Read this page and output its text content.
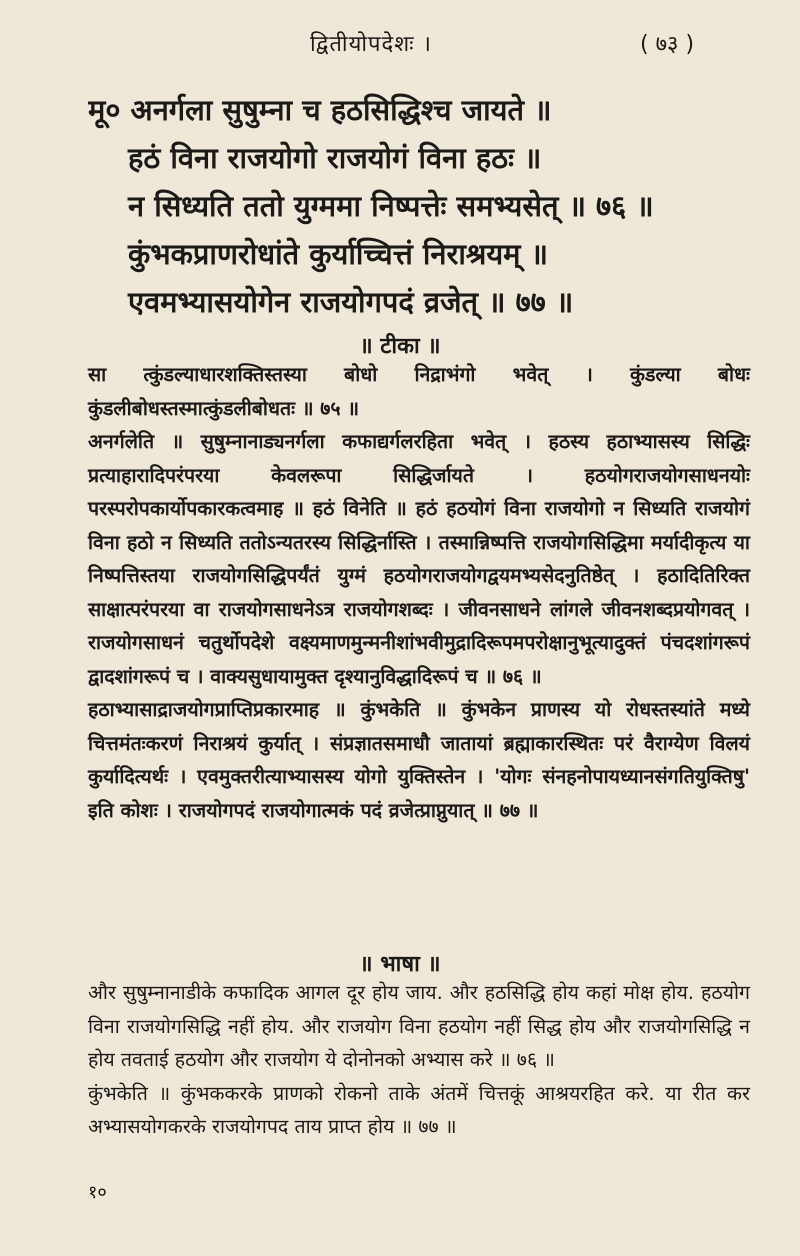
द्वितीयोपदेशः ।	( ७३ )
मू० अनर्गला सुषुम्ना च हठसिद्धिश्च जायते ॥
हठं विना राजयोगो राजयोगं विना हठः ॥
न सिध्यति ततो युग्ममा निष्पत्तेः समभ्यसेत् ॥ ७६ ॥
कुंभकप्राणरोधांते कुर्याच्चित्तं निराश्रयम् ॥
एवमभ्यासयोगेन राजयोगपदं व्रजेत् ॥ ७७ ॥
॥ टीका ॥

सा त्कुंडल्याधारशक्तिस्तस्या बोधो निद्राभंगो भवेत् । कुंडल्या बोधः कुंडलीबोधस्तस्मात्कुंडलीबोधतः ॥ ७५ ॥

अनर्गलेति ॥ सुषुम्नानाड्यनर्गला कफाद्यर्गलरहिता भवेत् । हठस्य हठाभ्यासस्य सिद्धिः प्रत्याहारादिपरंपरया केवलरूपा सिद्धिर्जायते । हठयोगराजयोगसाधनयोः परस्परोपकार्योपकारकत्वमाह ॥ हठं विनेति ॥ हठं हठयोगं विना राजयोगो न सिध्यति राजयोगं विना हठो न सिध्यति ततोऽन्यतरस्य सिद्धिर्नास्ति । तस्मान्निष्पत्ति राजयोगसिद्धिमा मर्यादीकृत्य या निष्पत्तिस्तया राजयोगसिद्धिपर्यंतं युग्मं हठयोगराजयोगद्वयमभ्यसेदनुतिष्ठेत् । हठादितिरिक्त साक्षात्परंपरया वा राजयोगसाधनेऽत्र राजयोगशब्दः । जीवनसाधने लांगले जीवनशब्दप्रयोगवत् । राजयोगसाधनं चतुर्थोपदेशे वक्ष्यमाणमुन्मनीशांभवीमुद्रादिरूपमपरोक्षानुभूत्यादुक्तं पंचदशांगरूपं द्वादशांगरूपं च । वाक्यसुधायामुक्त दृश्यानुविद्धादिरूपं च ॥ ७६ ॥

हठाभ्यासाद्राजयोगप्राप्तिप्रकारमाह ॥ कुंभकेति ॥ कुंभकेन प्राणस्य यो रोधस्तस्यांते मध्ये चित्तमंतःकरणं निराश्रयं कुर्यात् । संप्रज्ञातसमाधौ जातायां ब्रह्माकारस्थितः परं वैराग्येण विलयं कुर्यादित्यर्थः । एवमुक्तरीत्याभ्यासस्य योगो युक्तिस्तेन । 'योगः संनहनोपायध्यानसंगतियुक्तिषु' इति कोशः । राजयोगपदं राजयोगात्मकं पदं व्रजेत्प्राप्नुयात् ॥ ७७ ॥

॥ भाषा ॥

और सुषुम्नानाडीके कफादिक आगल दूर होय जाय. और हठसिद्धि होय कहां मोक्ष होय. हठयोग विना राजयोगसिद्धि नहीं होय. और राजयोग विना हठयोग नहीं सिद्ध होय और राजयोगसिद्धि न होय तवताई हठयोग और राजयोग ये दोनोनको अभ्यास करे ॥ ७६ ॥

कुंभकेति ॥ कुंभककरके प्राणको रोकनो ताके अंतमें चित्तकूं आश्रयरहित करे. या रीत कर अभ्यासयोगकरके राजयोगपद ताय प्राप्त होय ॥ ७७ ॥

१०
